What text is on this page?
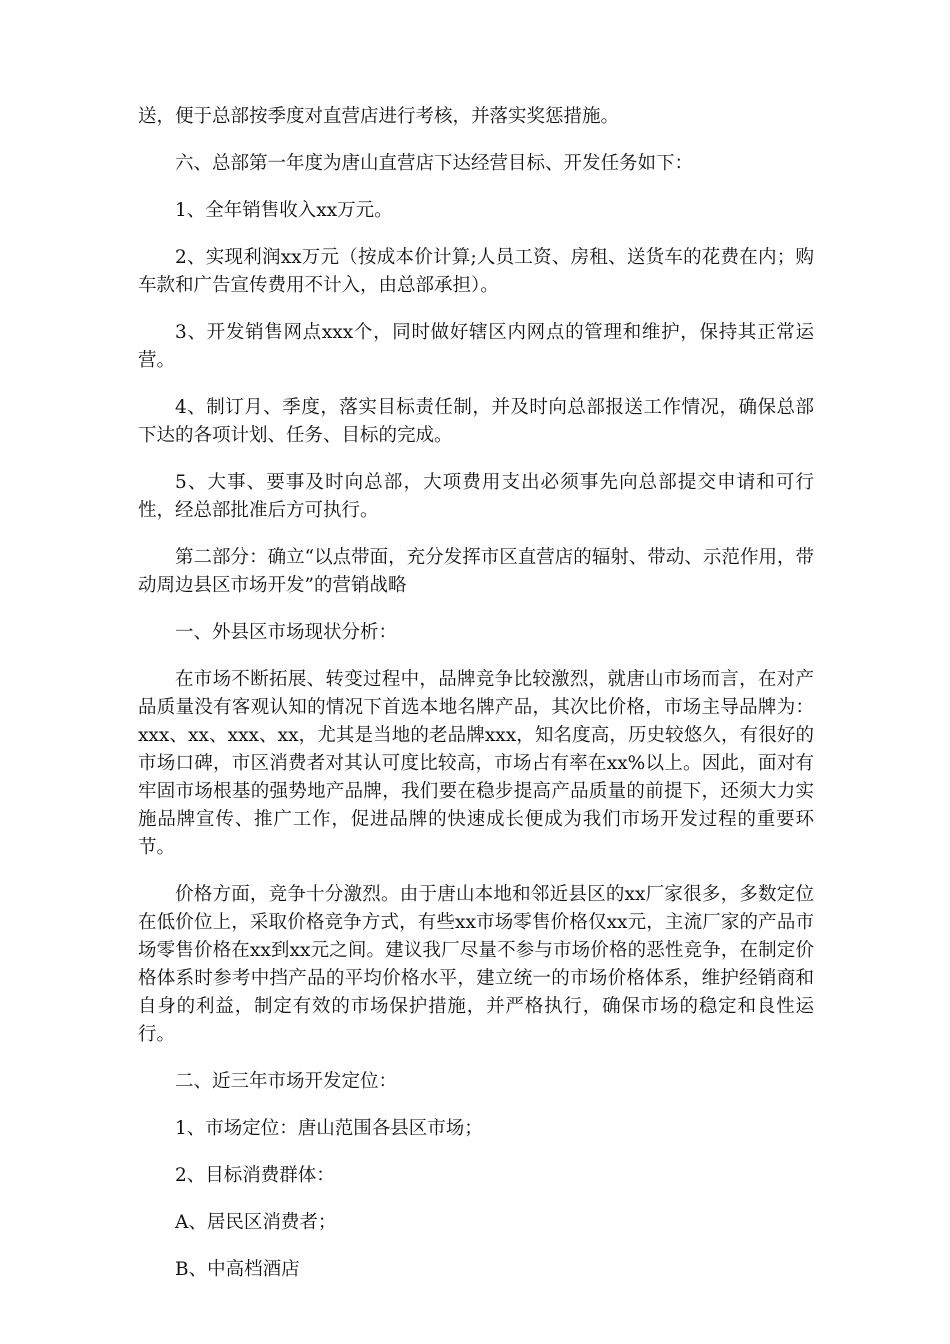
送，便于总部按季度对直营店进行考核，并落实奖惩措施。

六、总部第一年度为唐山直营店下达经营目标、开发任务如下：

1、全年销售收入xx万元。

2、实现利润xx万元（按成本价计算;人员工资、房租、送货车的花费在内；购车款和广告宣传费用不计入，由总部承担）。

3、开发销售网点xxx个，同时做好辖区内网点的管理和维护，保持其正常运营。

4、制订月、季度，落实目标责任制，并及时向总部报送工作情况，确保总部下达的各项计划、任务、目标的完成。

5、大事、要事及时向总部，大项费用支出必须事先向总部提交申请和可行性，经总部批准后方可执行。

第二部分：确立“以点带面，充分发挥市区直营店的辐射、带动、示范作用，带动周边县区市场开发”的营销战略

一、外县区市场现状分析：

在市场不断拓展、转变过程中，品牌竞争比较激烈，就唐山市场而言，在对产品质量没有客观认知的情况下首选本地名牌产品，其次比价格，市场主导品牌为：xxx、xx、xxx、xx，尤其是当地的老品牌xxx，知名度高，历史较悠久，有很好的市场口碑，市区消费者对其认可度比较高，市场占有率在xx%以上。因此，面对有牢固市场根基的强势地产品牌，我们要在稳步提高产品质量的前提下，还须大力实施品牌宣传、推广工作，促进品牌的快速成长便成为我们市场开发过程的重要环节。

价格方面，竞争十分激烈。由于唐山本地和邻近县区的xx厂家很多，多数定位在低价位上，采取价格竞争方式，有些xx市场零售价格仅xx元，主流厂家的产品市场零售价格在xx到xx元之间。建议我厂尽量不参与市场价格的恶性竞争，在制定价格体系时参考中挡产品的平均价格水平，建立统一的市场价格体系，维护经销商和自身的利益，制定有效的市场保护措施，并严格执行，确保市场的稳定和良性运行。

二、近三年市场开发定位：

1、市场定位：唐山范围各县区市场；

2、目标消费群体：

A、居民区消费者；

B、中高档酒店
